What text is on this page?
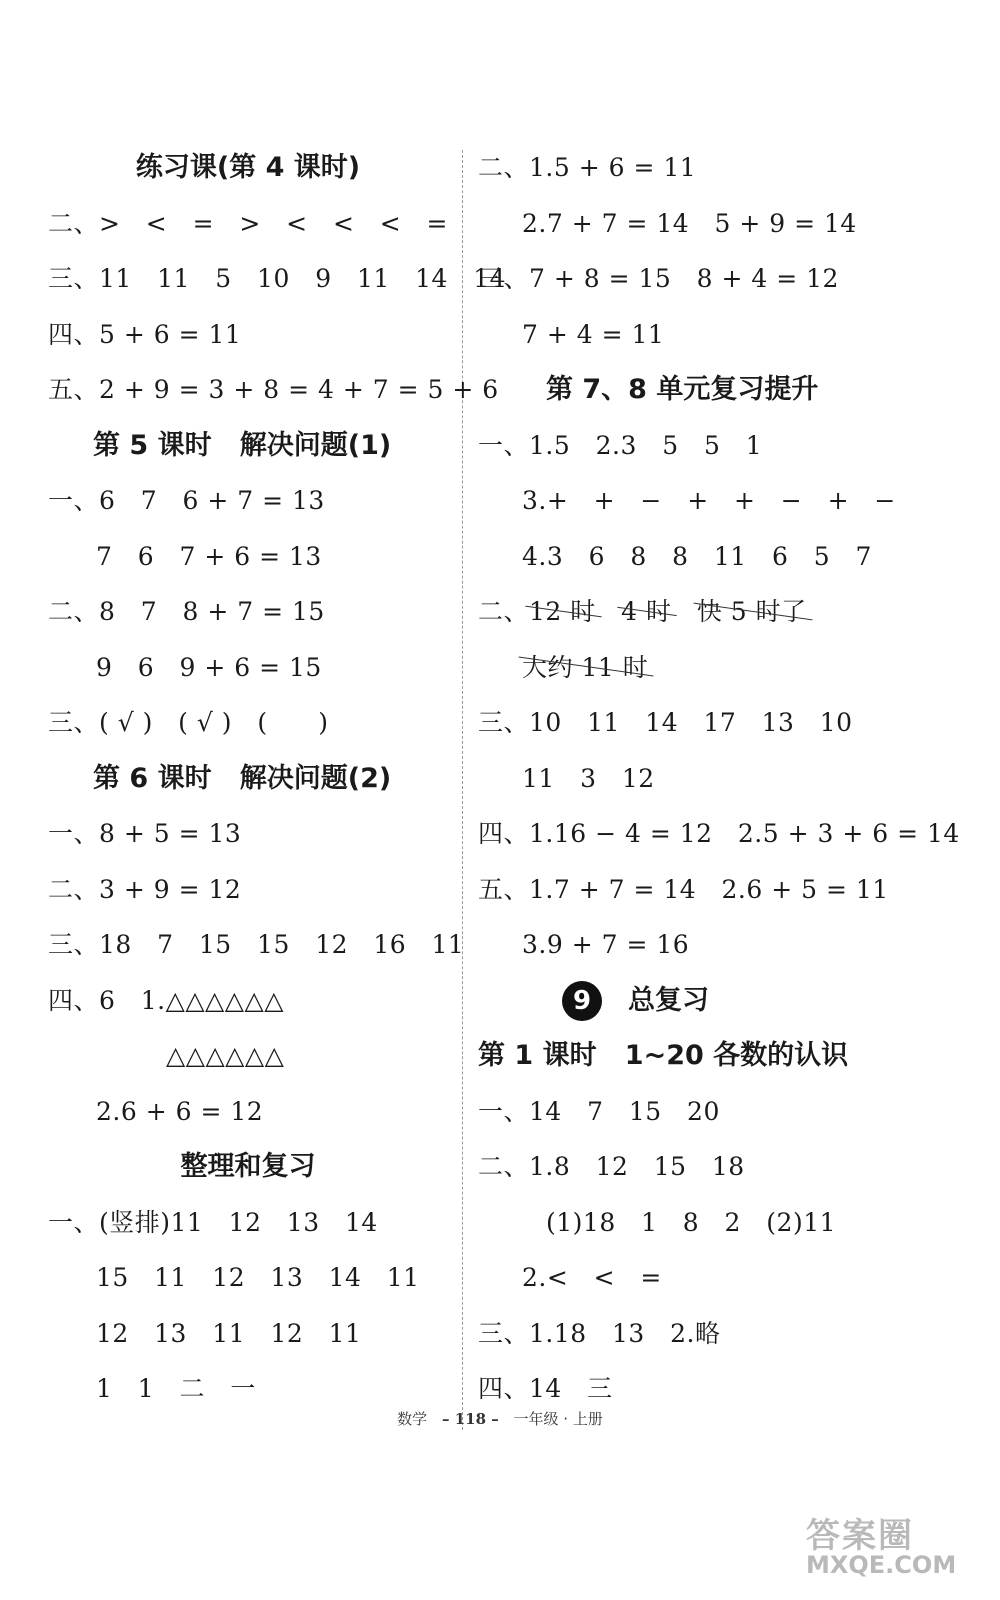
练习课(第 4 课时)
二、>   <   =   >   <   <   <   =
三、11   11   5   10   9   11   14   14
四、5 + 6 = 11
五、2 + 9 = 3 + 8 = 4 + 7 = 5 + 6
第 5 课时   解决问题(1)
一、6   7   6 + 7 = 13
7   6   7 + 6 = 13
二、8   7   8 + 7 = 15
9   6   9 + 6 = 15
三、( √ )   ( √ )   (      )
第 6 课时   解决问题(2)
一、8 + 5 = 13
二、3 + 9 = 12
三、18   7   15   15   12   16   11
四、6   1.△△△△△△
△△△△△△
2.6 + 6 = 12
整理和复习
一、(竖排)11   12   13   14
15   11   12   13   14   11
12   13   11   12   11
1   1   二   一
二、1.5 + 6 = 11
2.7 + 7 = 14   5 + 9 = 14
三、7 + 8 = 15   8 + 4 = 12
7 + 4 = 11
第 7、8 单元复习提升
一、1.5   2.3   5   5   1
3.+   +   −   +   +   −   +   −
4.3   6   8   8   11   6   5   7
二、12 时 4 时 快 5 时了
大约 11 时
三、10   11   14   17   13   10
11   3   12
四、1.16 − 4 = 12   2.5 + 3 + 6 = 14
五、1.7 + 7 = 14   2.6 + 5 = 11
3.9 + 7 = 16
9 总复习
第 1 课时   1~20 各数的认识
一、14   7   15   20
二、1.8   12   15   18
(1)18   1   8   2   (2)11
2.<   <   =
三、1.18   13   2.略
四、14   三
数学 – 118 – 一年级 · 上册
答案圈
MXQE.COM
